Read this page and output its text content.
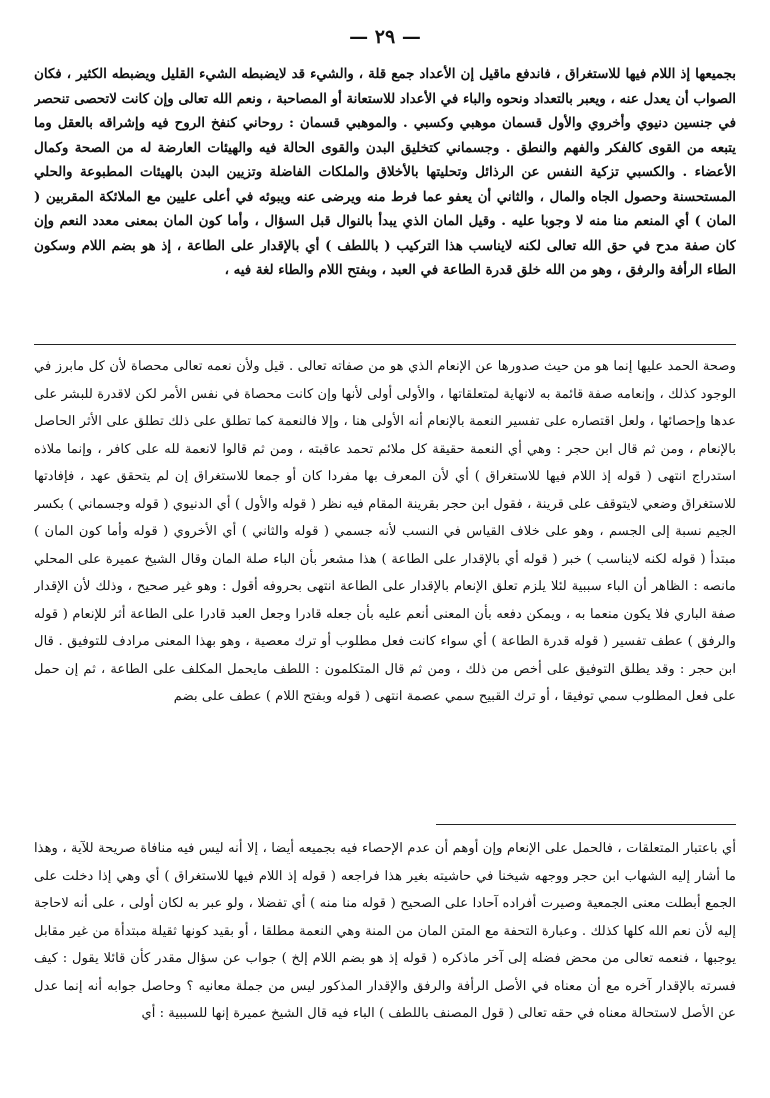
— ٢٩ —

بجميعها إذ اللام فيها للاستغراق ، فاندفع ماقيل إن الأعداد جمع قلة ، والشيء قد لايضبطه الشيء القليل ويضبطه الكثير ، فكان الصواب أن يعدل عنه ، ويعبر بالتعداد ونحوه والباء في الأعداد للاستعانة أو المصاحبة ، ونعم الله تعالى وإن كانت لاتحصى تنحصر في جنسين دنيوي وأخروي والأول قسمان موهبي وكسبي . والموهبي قسمان : روحاني كنفخ الروح فيه وإشراقه بالعقل وما يتبعه من القوى كالفكر والفهم والنطق . وجسماني كتخليق البدن والقوى الحالة فيه والهيئات العارضة له من الصحة وكمال الأعضاء . والكسبي تزكية النفس عن الرذائل وتحليتها بالأخلاق والملكات الفاضلة وتزيين البدن بالهيئات المطبوعة والحلي المستحسنة وحصول الجاه والمال ، والثاني أن يعفو عما فرط منه ويرضى عنه ويبوئه في أعلى عليين مع الملائكة المقربين ( المان ) أي المنعم منا منه لا وجوبا عليه . وقيل المان الذي يبدأ بالنوال قبل السؤال ، وأما كون المان بمعنى معدد النعم وإن كان صفة مدح في حق الله تعالى لكنه لايناسب هذا التركيب ( باللطف ) أي بالإقدار على الطاعة ، إذ هو بضم اللام وسكون الطاء الرأفة والرفق ، وهو من الله خلق قدرة الطاعة في العبد ، وبفتح اللام والطاء لغة فيه ،

وصحة الحمد عليها إنما هو من حيث صدورها عن الإنعام الذي هو من صفاته تعالى . قيل ولأن نعمه تعالى محصاة لأن كل مابرز في الوجود كذلك ، وإنعامه صفة قائمة به لانهاية لمتعلقاتها ، والأولى أولى لأنها وإن كانت محصاة في نفس الأمر لكن لاقدرة للبشر على عدها وإحصائها ، ولعل اقتصاره على تفسير النعمة بالإنعام أنه الأولى هنا ، وإلا فالنعمة كما تطلق على ذلك تطلق على الأثر الحاصل بالإنعام ، ومن ثم قال ابن حجر : وهي أي النعمة حقيقة كل ملائم تحمد عاقبته ، ومن ثم قالوا لانعمة لله على كافر ، وإنما ملاذه استدراج انتهى ( قوله إذ اللام فيها للاستغراق ) أي لأن المعرف بها مفردا كان أو جمعا للاستغراق إن لم يتحقق عهد ، فإفادتها للاستغراق وضعي لايتوقف على قرينة ، فقول ابن حجر بقرينة المقام فيه نظر ( قوله والأول ) أي الدنيوي ( قوله وجسماني ) بكسر الجيم نسبة إلى الجسم ، وهو على خلاف القياس في النسب لأنه جسمي ( قوله والثاني ) أي الأخروي ( قوله وأما كون المان ) مبتدأ ( قوله لكنه لايناسب ) خبر ( قوله أي بالإقدار على الطاعة ) هذا مشعر بأن الباء صلة المان وقال الشيخ عميرة على المحلي مانصه : الظاهر أن الباء سببية لئلا يلزم تعلق الإنعام بالإقدار على الطاعة انتهى بحروفه أقول : وهو غير صحيح ، وذلك لأن الإقدار صفة الباري فلا يكون منعما به ، ويمكن دفعه بأن المعنى أنعم عليه بأن جعله قادرا وجعل العبد قادرا على الطاعة أثر للإنعام ( قوله والرفق ) عطف تفسير ( قوله قدرة الطاعة ) أي سواء كانت فعل مطلوب أو ترك معصية ، وهو بهذا المعنى مرادف للتوفيق . قال ابن حجر : وقد يطلق التوفيق على أخص من ذلك ، ومن ثم قال المتكلمون : اللطف مايحمل المكلف على الطاعة ، ثم إن حمل على فعل المطلوب سمي توفيقا ، أو ترك القبيح سمي عصمة انتهى ( قوله وبفتح اللام ) عطف على بضم

أي باعتبار المتعلقات ، فالحمل على الإنعام وإن أوهم أن عدم الإحصاء فيه بجميعه أيضا ، إلا أنه ليس فيه منافاة صريحة للآية ، وهذا ما أشار إليه الشهاب ابن حجر ووجهه شيخنا في حاشيته بغير هذا فراجعه ( قوله إذ اللام فيها للاستغراق ) أي وهي إذا دخلت على الجمع أبطلت معنى الجمعية وصيرت أفراده آحادا على الصحيح ( قوله منا منه ) أي تفضلا ، ولو عبر به لكان أولى ، على أنه لاحاجة إليه لأن نعم الله كلها كذلك . وعبارة التحفة مع المتن المان من المنة وهي النعمة مطلقا ، أو بقيد كونها ثقيلة مبتدأة من غير مقابل يوجبها ، فنعمه تعالى من محض فضله إلى آخر ماذكره ( قوله إذ هو بضم اللام إلخ ) جواب عن سؤال مقدر كأن قائلا يقول : كيف فسرته بالإقدار آخره مع أن معناه في الأصل الرأفة والرفق والإقدار المذكور ليس من جملة معانيه ؟ وحاصل جوابه أنه إنما عدل عن الأصل لاستحالة معناه في حقه تعالى ( قول المصنف باللطف ) الباء فيه قال الشيخ عميرة إنها للسببية : أي
